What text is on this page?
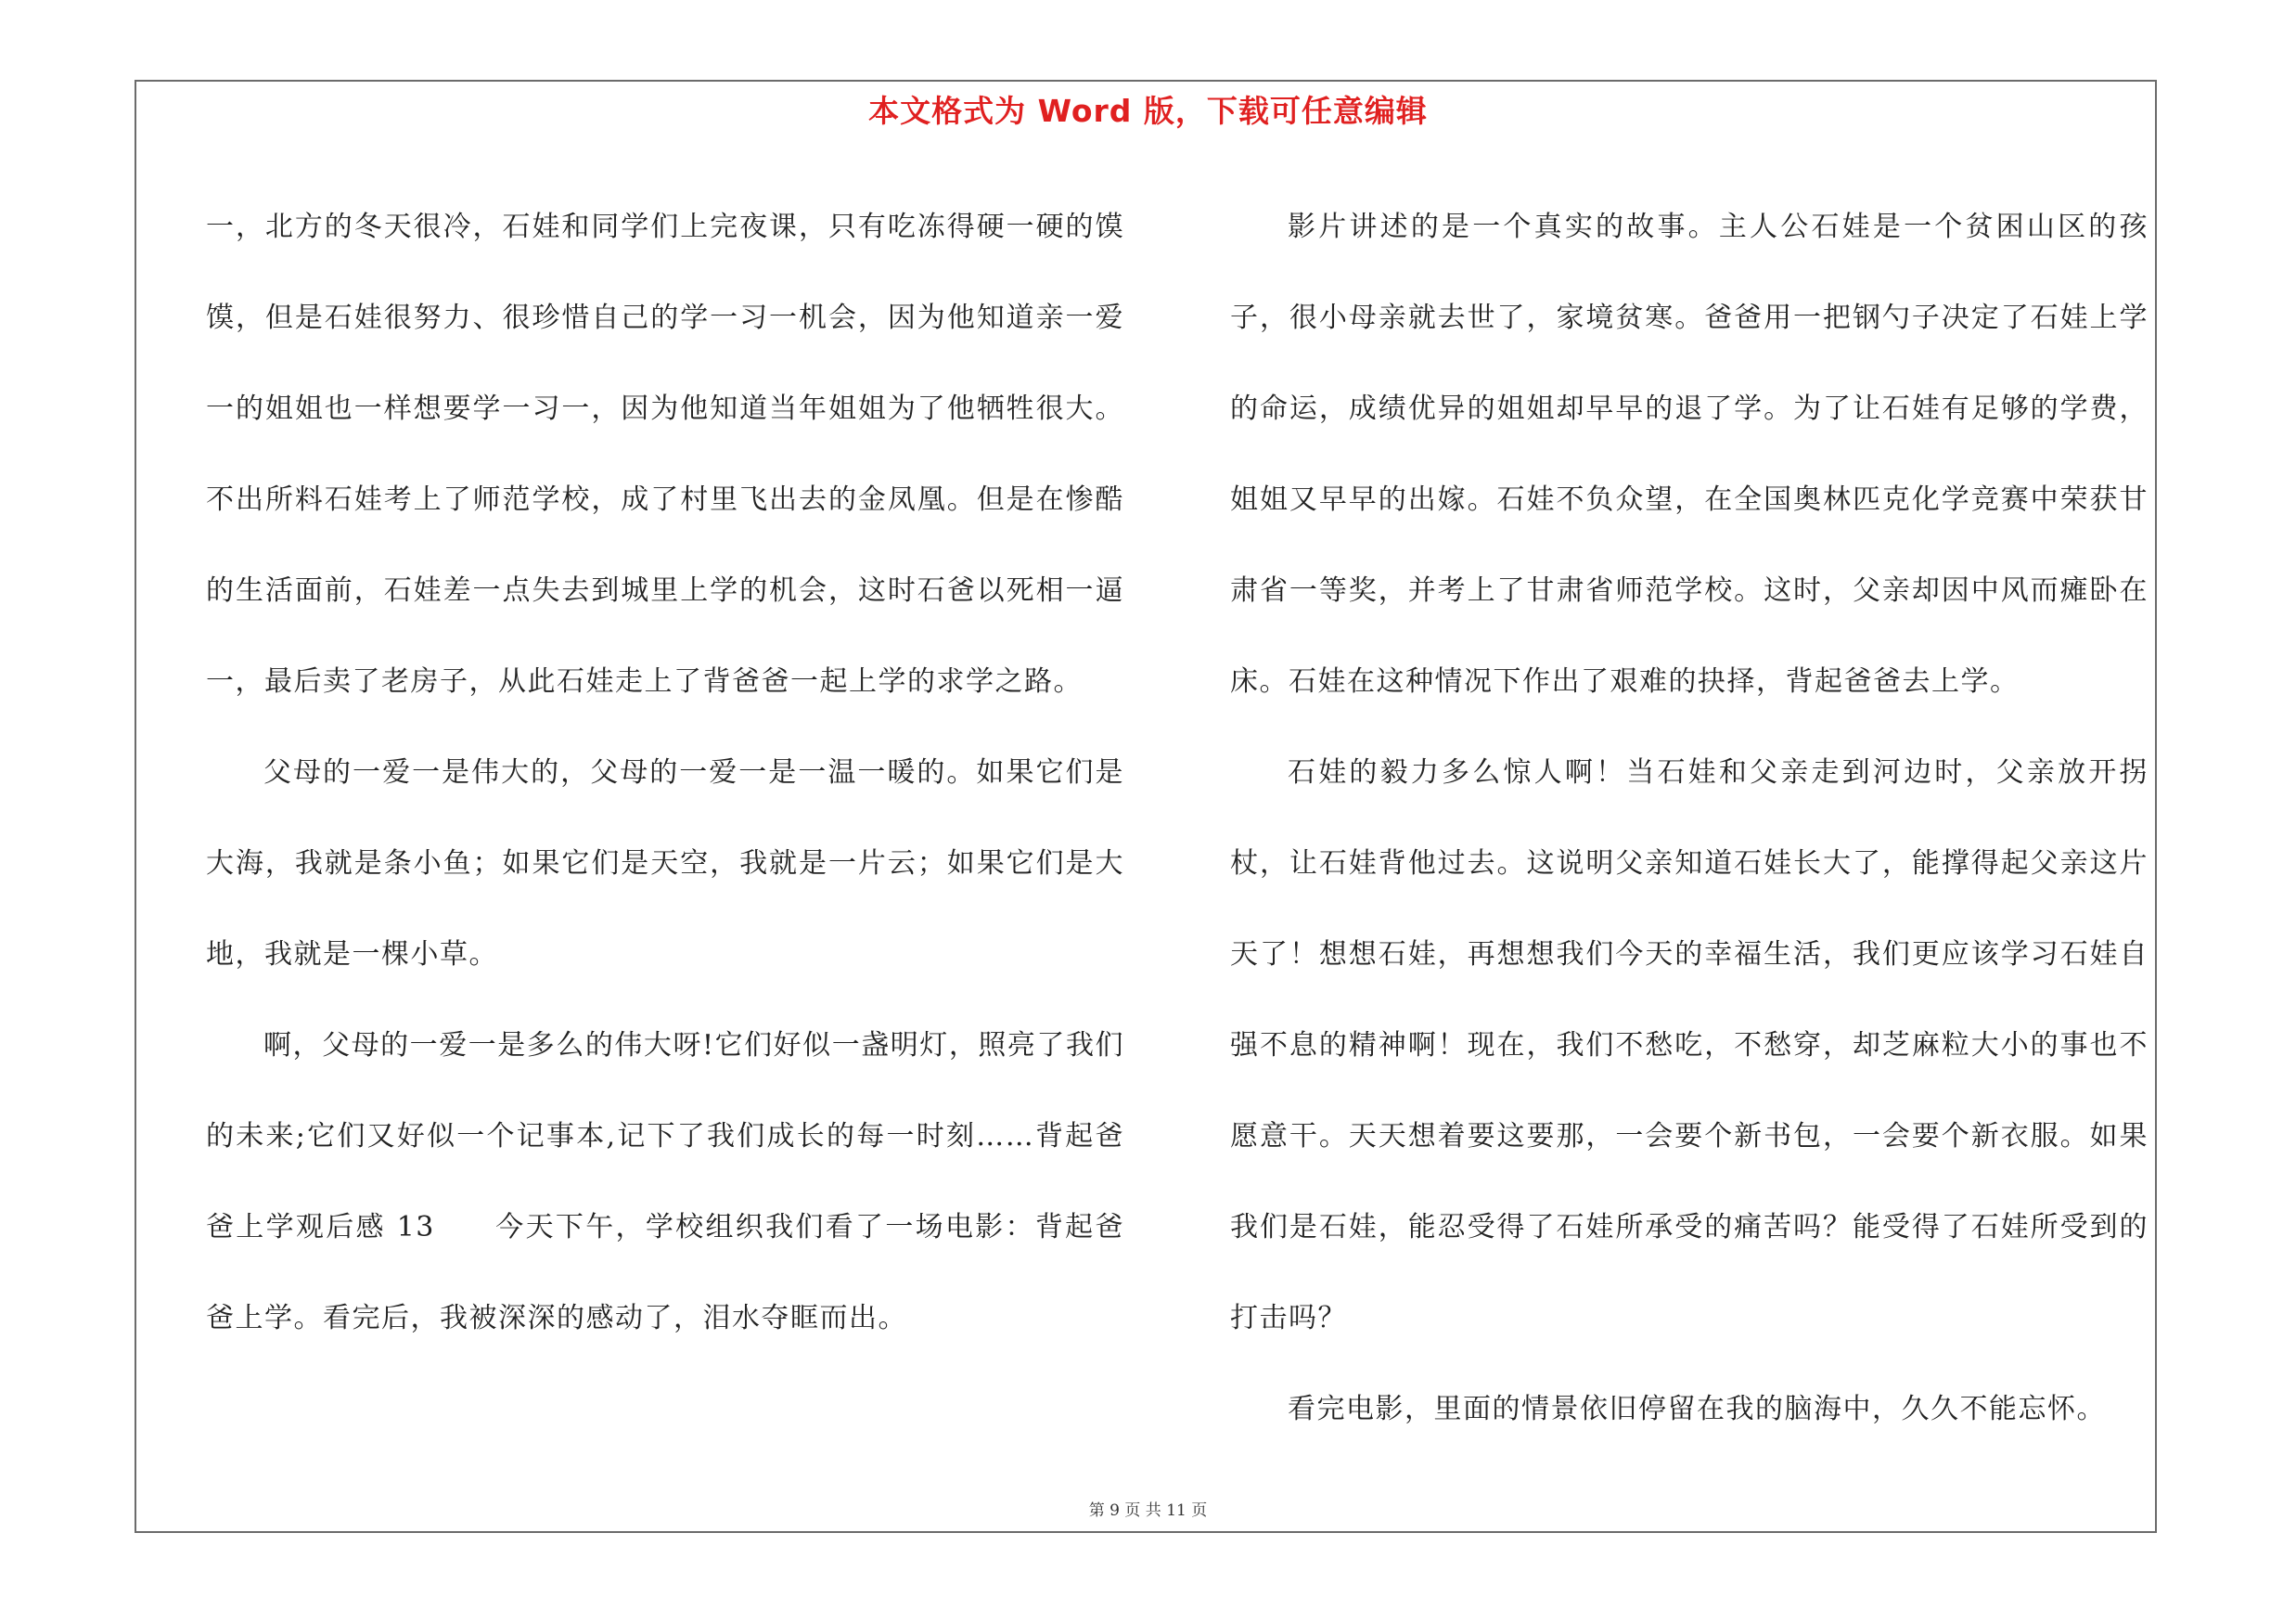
本文格式为 Word 版，下载可任意编辑

一，北方的冬天很冷，石娃和同学们上完夜课，只有吃冻得硬一硬的馍馍，但是石娃很努力、很珍惜自己的学一习一机会，因为他知道亲一爱一的姐姐也一样想要学一习一，因为他知道当年姐姐为了他牺牲很大。不出所料石娃考上了师范学校，成了村里飞出去的金凤凰。但是在惨酷的生活面前，石娃差一点失去到城里上学的机会，这时石爸以死相一逼一，最后卖了老房子，从此石娃走上了背爸爸一起上学的求学之路。

父母的一爱一是伟大的，父母的一爱一是一温一暖的。如果它们是大海，我就是条小鱼；如果它们是天空，我就是一片云；如果它们是大地，我就是一棵小草。

啊，父母的一爱一是多么的伟大呀!它们好似一盏明灯，照亮了我们的未来;它们又好似一个记事本,记下了我们成长的每一时刻……背起爸爸上学观后感 13　　今天下午，学校组织我们看了一场电影：背起爸爸上学。看完后，我被深深的感动了，泪水夺眶而出。

影片讲述的是一个真实的故事。主人公石娃是一个贫困山区的孩子，很小母亲就去世了，家境贫寒。爸爸用一把钢勺子决定了石娃上学的命运，成绩优异的姐姐却早早的退了学。为了让石娃有足够的学费，姐姐又早早的出嫁。石娃不负众望，在全国奥林匹克化学竞赛中荣获甘肃省一等奖，并考上了甘肃省师范学校。这时，父亲却因中风而瘫卧在床。石娃在这种情况下作出了艰难的抉择，背起爸爸去上学。

石娃的毅力多么惊人啊！当石娃和父亲走到河边时，父亲放开拐杖，让石娃背他过去。这说明父亲知道石娃长大了，能撑得起父亲这片天了！想想石娃，再想想我们今天的幸福生活，我们更应该学习石娃自强不息的精神啊！现在，我们不愁吃，不愁穿，却芝麻粒大小的事也不愿意干。天天想着要这要那，一会要个新书包，一会要个新衣服。如果我们是石娃，能忍受得了石娃所承受的痛苦吗？能受得了石娃所受到的打击吗？

看完电影，里面的情景依旧停留在我的脑海中，久久不能忘怀。

第 9 页 共 11 页
